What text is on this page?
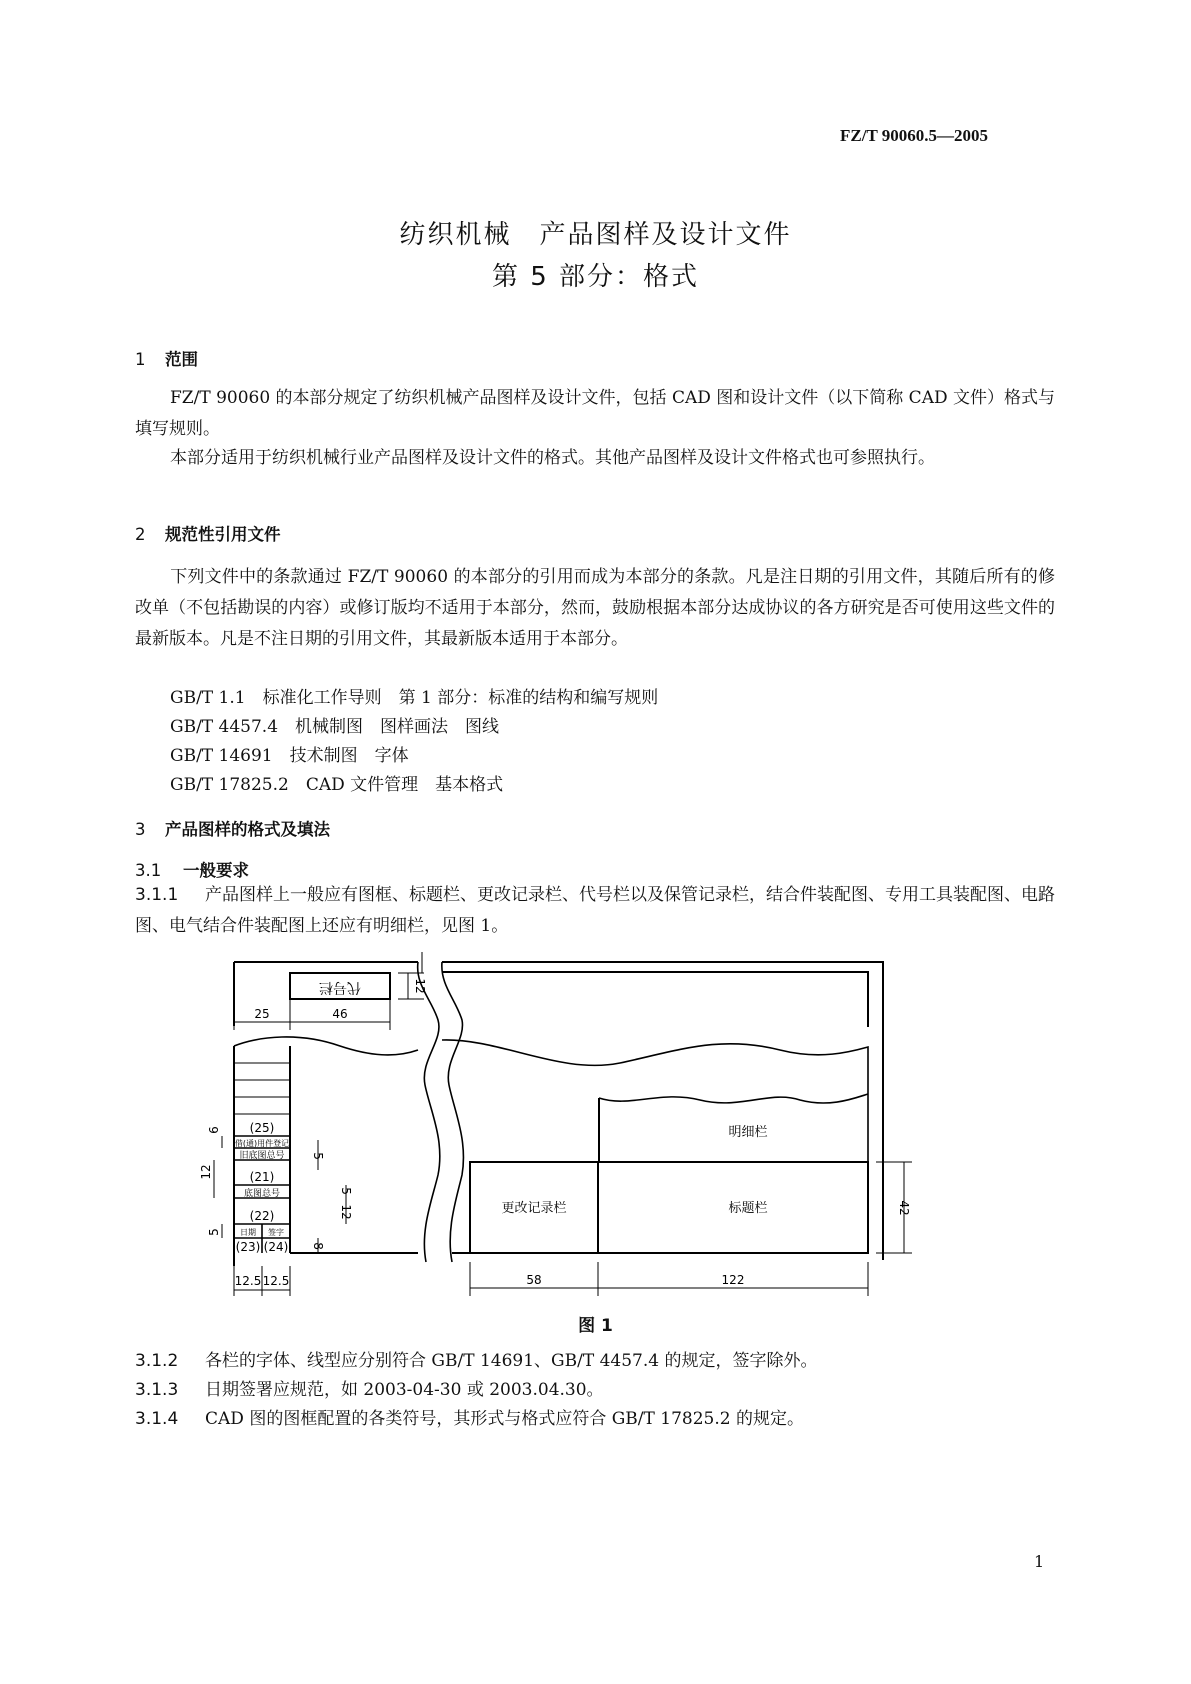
FZ/T 90060.5—2005
纺织机械　产品图样及设计文件
第 5 部分：格式
1 范围
FZ/T 90060 的本部分规定了纺织机械产品图样及设计文件，包括 CAD 图和设计文件（以下简称 CAD 文件）格式与填写规则。
本部分适用于纺织机械行业产品图样及设计文件的格式。其他产品图样及设计文件格式也可参照执行。
2 规范性引用文件
下列文件中的条款通过 FZ/T 90060 的本部分的引用而成为本部分的条款。凡是注日期的引用文件，其随后所有的修改单（不包括勘误的内容）或修订版均不适用于本部分，然而，鼓励根据本部分达成协议的各方研究是否可使用这些文件的最新版本。凡是不注日期的引用文件，其最新版本适用于本部分。
GB/T 1.1　标准化工作导则　第 1 部分：标准的结构和编写规则
GB/T 4457.4　机械制图　图样画法　图线
GB/T 14691　技术制图　字体
GB/T 17825.2　CAD 文件管理　基本格式
3 产品图样的格式及填法
3.1 一般要求
3.1.1 产品图样上一般应有图框、标题栏、更改记录栏、代号栏以及保管记录栏，结合件装配图、专用工具装配图、电路图、电气结合件装配图上还应有明细栏，见图 1。
代号栏
明细栏
更改记录栏	标题栏
(25)
借(通)用件登记
旧底图总号
(21)
底图总号
(22)
日期 签字
(23) (24)
25	46
12
6
12
5
5
12
5
8
12.5 12.5	58	122
42
图 1
3.1.2 各栏的字体、线型应分别符合 GB/T 14691、GB/T 4457.4 的规定，签字除外。
3.1.3 日期签署应规范，如 2003-04-30 或 2003.04.30。
3.1.4 CAD 图的图框配置的各类符号，其形式与格式应符合 GB/T 17825.2 的规定。
1
